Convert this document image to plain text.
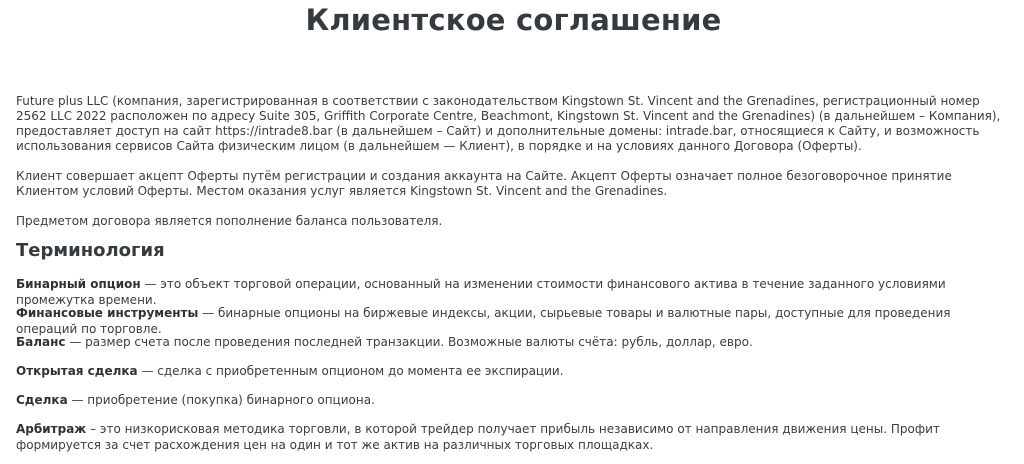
Клиентское соглашение

Future plus LLC (компания, зарегистрированная в соответствии с законодательством Kingstown St. Vincent and the Grenadines, регистрационный номер 2562 LLC 2022 расположен по адресу Suite 305, Griffith Corporate Centre, Beachmont, Kingstown St. Vincent and the Grenadines) (в дальнейшем – Компания), предоставляет доступ на сайт https://intrade8.bar (в дальнейшем – Сайт) и дополнительные домены: intrade.bar, относящиеся к Сайту, и возможность использования сервисов Сайта физическим лицом (в дальнейшем — Клиент), в порядке и на условиях данного Договора (Оферты).

Клиент совершает акцепт Оферты путём регистрации и создания аккаунта на Сайте. Акцепт Оферты означает полное безоговорочное принятие Клиентом условий Оферты. Местом оказания услуг является Kingstown St. Vincent and the Grenadines.

Предметом договора является пополнение баланса пользователя.

Терминология

Бинарный опцион — это объект торговой операции, основанный на изменении стоимости финансового актива в течение заданного условиями промежутка времени.

Финансовые инструменты — бинарные опционы на биржевые индексы, акции, сырьевые товары и валютные пары, доступные для проведения операций по торговле.

Баланс — размер счета после проведения последней транзакции. Возможные валюты счёта: рубль, доллар, евро.

Открытая сделка — сделка с приобретенным опционом до момента ее экспирации.

Сделка — приобретение (покупка) бинарного опциона.

Арбитраж – это низкорисковая методика торговли, в которой трейдер получает прибыль независимо от направления движения цены. Профит формируется за счет расхождения цен на один и тот же актив на различных торговых площадках.
